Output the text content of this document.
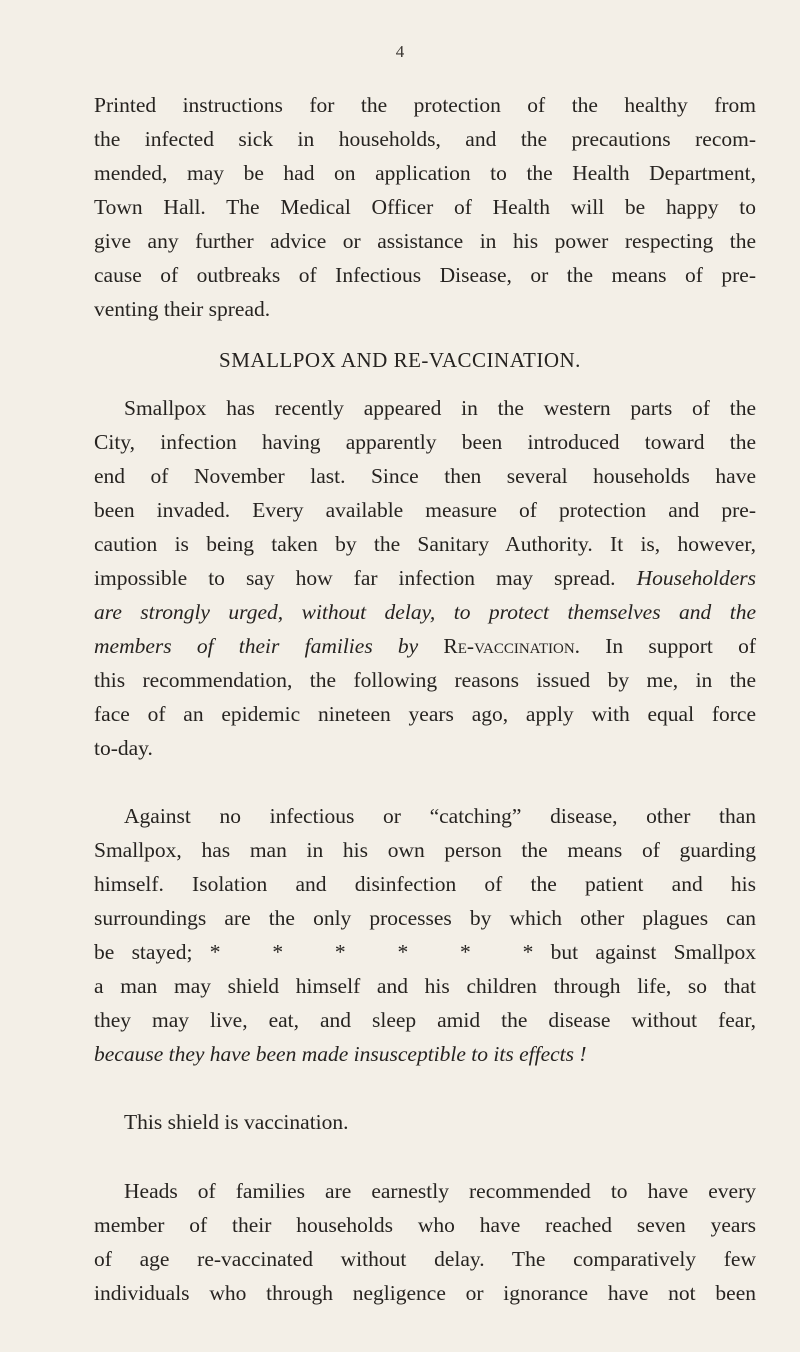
4
Printed instructions for the protection of the healthy from
the infected sick in households, and the precautions recom-
mended, may be had on application to the Health Department,
Town Hall. The Medical Officer of Health will be happy to
give any further advice or assistance in his power respecting the
cause of outbreaks of Infectious Disease, or the means of pre-
venting their spread.
SMALLPOX AND RE-VACCINATION.
Smallpox has recently appeared in the western parts of the
City, infection having apparently been introduced toward the
end of November last. Since then several households have
been invaded. Every available measure of protection and pre-
caution is being taken by the Sanitary Authority. It is, however,
impossible to say how far infection may spread. Householders
are strongly urged, without delay, to protect themselves and the
members of their families by Re-vaccination. In support of
this recommendation, the following reasons issued by me, in the
face of an epidemic nineteen years ago, apply with equal force
to-day.
Against no infectious or “catching” disease, other than
Smallpox, has man in his own person the means of guarding
himself. Isolation and disinfection of the patient and his
surroundings are the only processes by which other plagues can
be stayed; *   *   *   *   *   * but against Smallpox
a man may shield himself and his children through life, so that
they may live, eat, and sleep amid the disease without fear,
because they have been made insusceptible to its effects !
This shield is vaccination.
Heads of families are earnestly recommended to have every
member of their households who have reached seven years
of age re-vaccinated without delay. The comparatively few
individuals who through negligence or ignorance have not been
